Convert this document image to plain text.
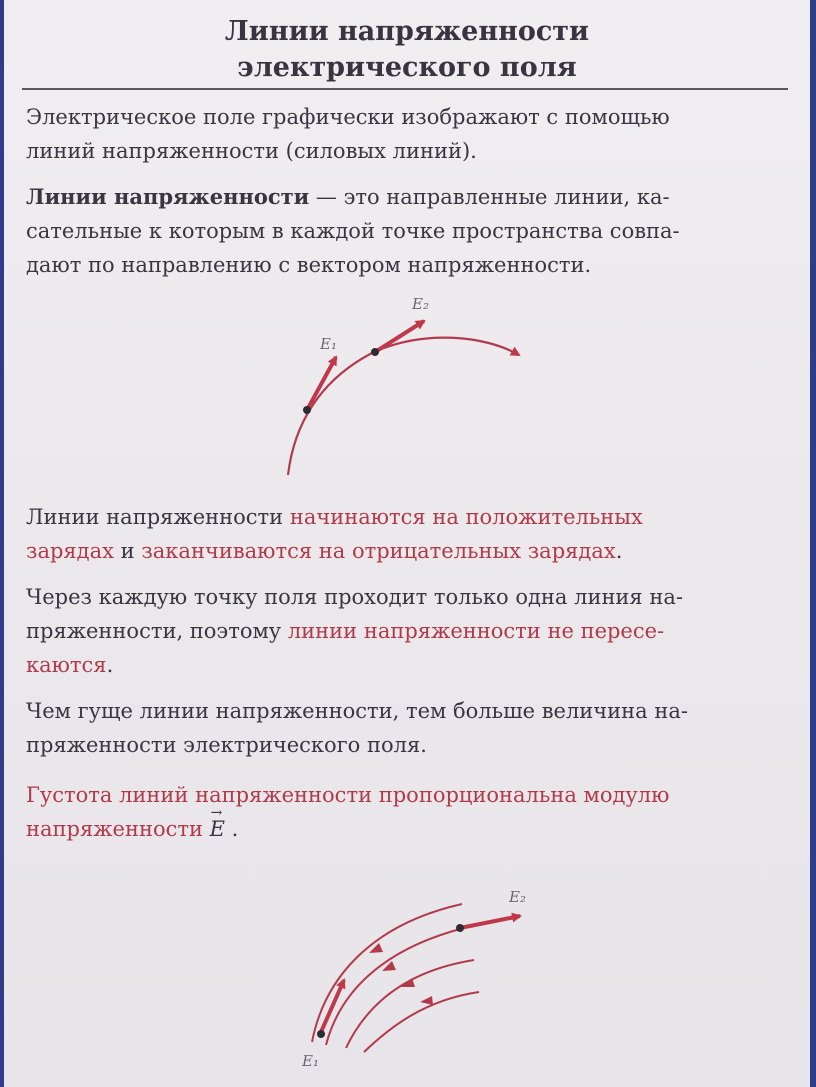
Линии напряженности
электрического поля
Электрическое поле графически изображают с помощью
линий напряженности (силовых линий).
Линии напряженности — это направленные линии, ка-
сательные к которым в каждой точке пространства совпа-
дают по направлению с вектором напряженности.
E₁
E₂
Линии напряженности начинаются на положительных
зарядах и заканчиваются на отрицательных зарядах.
Через каждую точку поля проходит только одна линия на-
пряженности, поэтому линии напряженности не пересе-
каются.
Чем гуще линии напряженности, тем больше величина на-
пряженности электрического поля.
Густота линий напряженности пропорциональна модулю
напряженности
→
E .
E₂
E₁
